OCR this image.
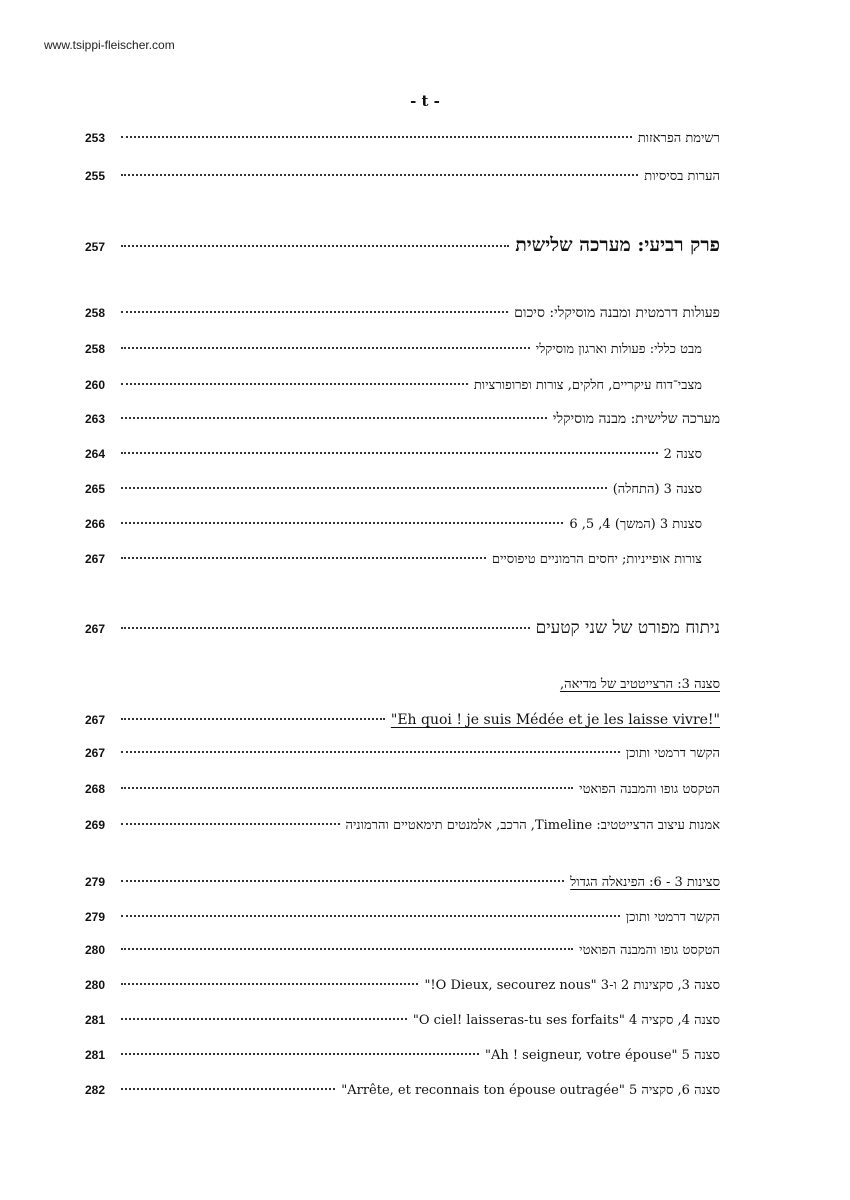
www.tsippi-fleischer.com
- t -
רשימת הפראזות
253
הערות בסיסיות
255
פרק רביעי: מערכה שלישית
257
פעולות דרמטית ומבנה מוסיקלי: סיכום
258
מבט כללי: פעולות וארגון מוסיקלי
258
מצבי־דוח עיקריים, חלקים, צורות ופרופורציות
260
מערכה שלישית: מבנה מוסיקלי
263
סצנה 2
264
סצנה 3 (התחלה)
265
סצנות 3 (המשך) 4, 5, 6
266
צורות אופייניות; יחסים הרמוניים טיפוסיים
267
ניתוח מפורט של שני קטעים
267
סצנה 3: הרצייטטיב של מדיאה,
"Eh quoi ! je suis Médée et je les laisse vivre!"
267
הקשר דרמטי ותוכן
267
הטקסט גופו והמבנה הפואטי
268
אמנות עיצוב הרצייטטיב: Timeline, הרכב, אלמנטים תימאטיים והרמוניה
269
סצינות 3 - 6: הפינאלה הגדול
279
הקשר דרמטי ותוכן
279
הטקסט גופו והמבנה הפואטי
280
סצנה 3, סקצינות 2 ו-3 "O Dieux, secourez nous!"
280
סצנה 4, סקציה 4 "O ciel! laisseras-tu ses forfaits"
281
סצנה 5 "Ah ! seigneur, votre épouse"
281
סצנה 6, סקציה 5 "Arrête, et reconnais ton épouse outragée"
282
